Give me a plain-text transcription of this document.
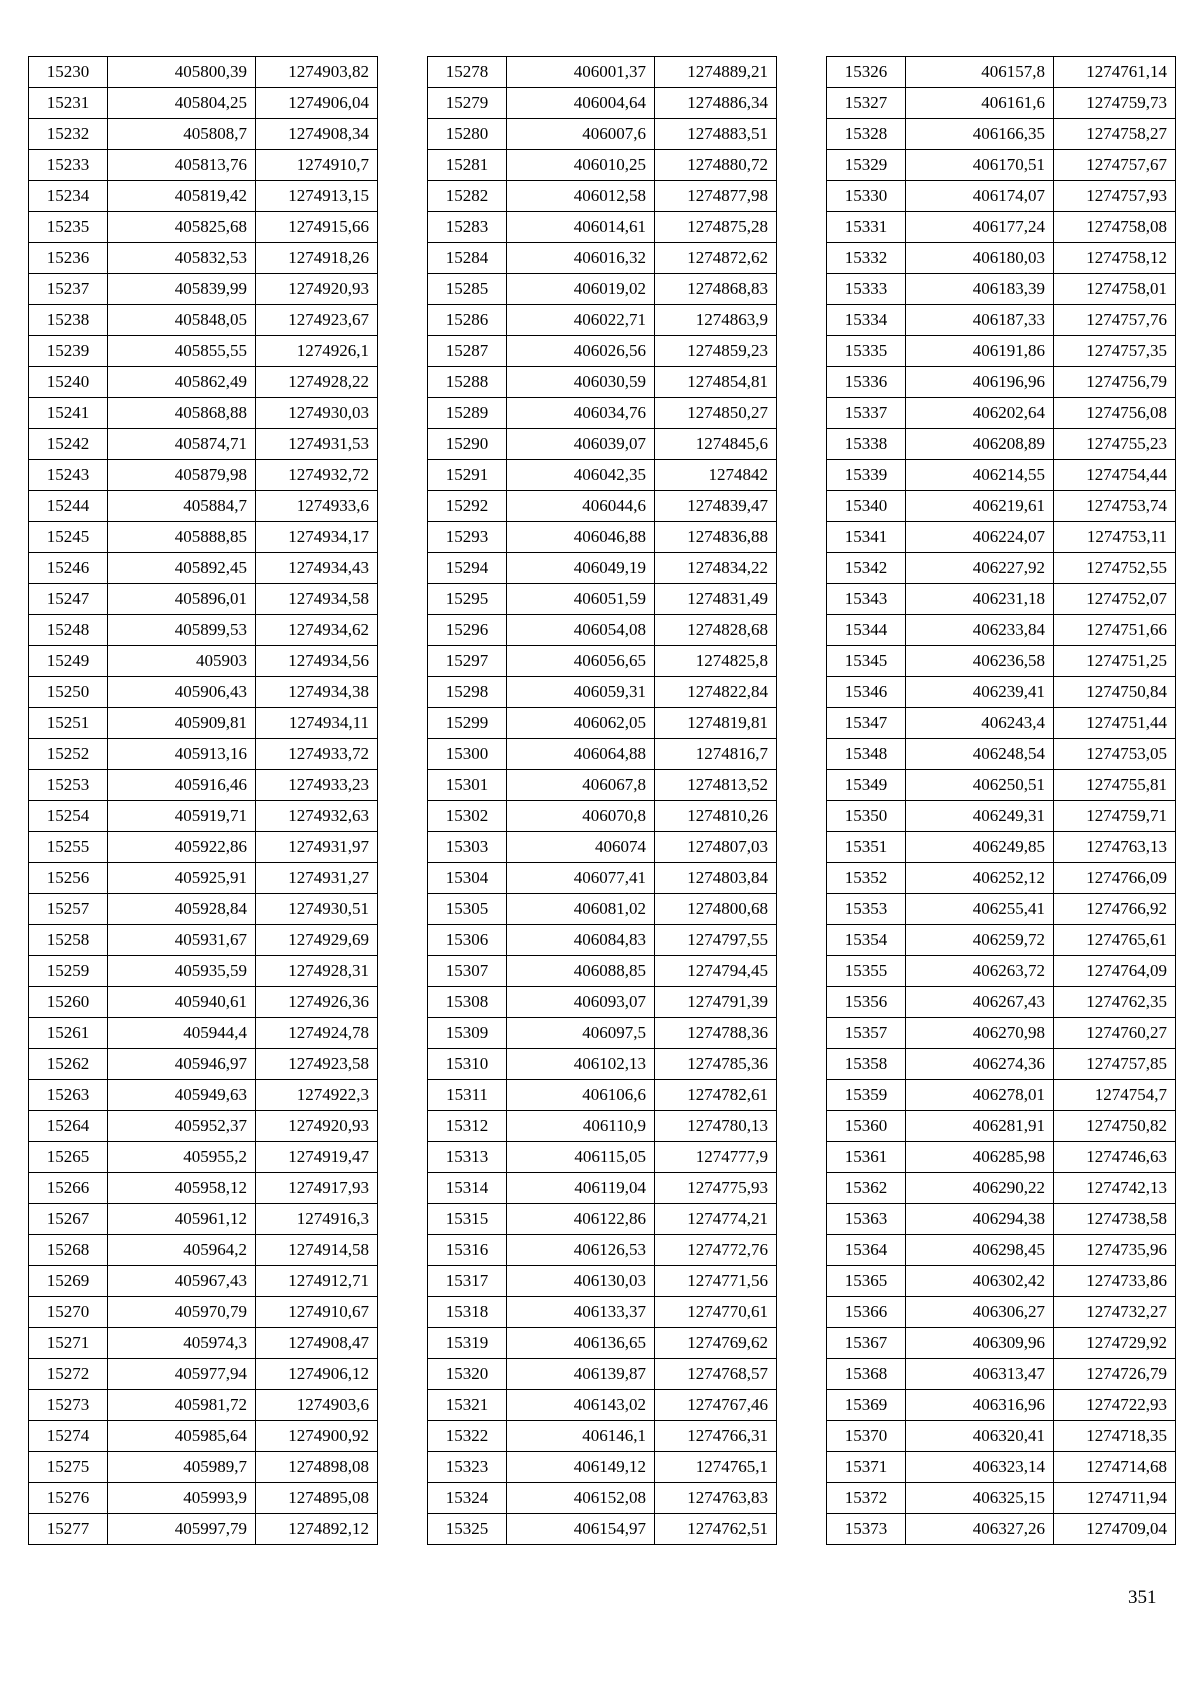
15230	405800,39	1274903,82
15231	405804,25	1274906,04
15232	405808,7	1274908,34
15233	405813,76	1274910,7
15234	405819,42	1274913,15
15235	405825,68	1274915,66
15236	405832,53	1274918,26
15237	405839,99	1274920,93
15238	405848,05	1274923,67
15239	405855,55	1274926,1
15240	405862,49	1274928,22
15241	405868,88	1274930,03
15242	405874,71	1274931,53
15243	405879,98	1274932,72
15244	405884,7	1274933,6
15245	405888,85	1274934,17
15246	405892,45	1274934,43
15247	405896,01	1274934,58
15248	405899,53	1274934,62
15249	405903	1274934,56
15250	405906,43	1274934,38
15251	405909,81	1274934,11
15252	405913,16	1274933,72
15253	405916,46	1274933,23
15254	405919,71	1274932,63
15255	405922,86	1274931,97
15256	405925,91	1274931,27
15257	405928,84	1274930,51
15258	405931,67	1274929,69
15259	405935,59	1274928,31
15260	405940,61	1274926,36
15261	405944,4	1274924,78
15262	405946,97	1274923,58
15263	405949,63	1274922,3
15264	405952,37	1274920,93
15265	405955,2	1274919,47
15266	405958,12	1274917,93
15267	405961,12	1274916,3
15268	405964,2	1274914,58
15269	405967,43	1274912,71
15270	405970,79	1274910,67
15271	405974,3	1274908,47
15272	405977,94	1274906,12
15273	405981,72	1274903,6
15274	405985,64	1274900,92
15275	405989,7	1274898,08
15276	405993,9	1274895,08
15277	405997,79	1274892,12
15278	406001,37	1274889,21
15279	406004,64	1274886,34
15280	406007,6	1274883,51
15281	406010,25	1274880,72
15282	406012,58	1274877,98
15283	406014,61	1274875,28
15284	406016,32	1274872,62
15285	406019,02	1274868,83
15286	406022,71	1274863,9
15287	406026,56	1274859,23
15288	406030,59	1274854,81
15289	406034,76	1274850,27
15290	406039,07	1274845,6
15291	406042,35	1274842
15292	406044,6	1274839,47
15293	406046,88	1274836,88
15294	406049,19	1274834,22
15295	406051,59	1274831,49
15296	406054,08	1274828,68
15297	406056,65	1274825,8
15298	406059,31	1274822,84
15299	406062,05	1274819,81
15300	406064,88	1274816,7
15301	406067,8	1274813,52
15302	406070,8	1274810,26
15303	406074	1274807,03
15304	406077,41	1274803,84
15305	406081,02	1274800,68
15306	406084,83	1274797,55
15307	406088,85	1274794,45
15308	406093,07	1274791,39
15309	406097,5	1274788,36
15310	406102,13	1274785,36
15311	406106,6	1274782,61
15312	406110,9	1274780,13
15313	406115,05	1274777,9
15314	406119,04	1274775,93
15315	406122,86	1274774,21
15316	406126,53	1274772,76
15317	406130,03	1274771,56
15318	406133,37	1274770,61
15319	406136,65	1274769,62
15320	406139,87	1274768,57
15321	406143,02	1274767,46
15322	406146,1	1274766,31
15323	406149,12	1274765,1
15324	406152,08	1274763,83
15325	406154,97	1274762,51
15326	406157,8	1274761,14
15327	406161,6	1274759,73
15328	406166,35	1274758,27
15329	406170,51	1274757,67
15330	406174,07	1274757,93
15331	406177,24	1274758,08
15332	406180,03	1274758,12
15333	406183,39	1274758,01
15334	406187,33	1274757,76
15335	406191,86	1274757,35
15336	406196,96	1274756,79
15337	406202,64	1274756,08
15338	406208,89	1274755,23
15339	406214,55	1274754,44
15340	406219,61	1274753,74
15341	406224,07	1274753,11
15342	406227,92	1274752,55
15343	406231,18	1274752,07
15344	406233,84	1274751,66
15345	406236,58	1274751,25
15346	406239,41	1274750,84
15347	406243,4	1274751,44
15348	406248,54	1274753,05
15349	406250,51	1274755,81
15350	406249,31	1274759,71
15351	406249,85	1274763,13
15352	406252,12	1274766,09
15353	406255,41	1274766,92
15354	406259,72	1274765,61
15355	406263,72	1274764,09
15356	406267,43	1274762,35
15357	406270,98	1274760,27
15358	406274,36	1274757,85
15359	406278,01	1274754,7
15360	406281,91	1274750,82
15361	406285,98	1274746,63
15362	406290,22	1274742,13
15363	406294,38	1274738,58
15364	406298,45	1274735,96
15365	406302,42	1274733,86
15366	406306,27	1274732,27
15367	406309,96	1274729,92
15368	406313,47	1274726,79
15369	406316,96	1274722,93
15370	406320,41	1274718,35
15371	406323,14	1274714,68
15372	406325,15	1274711,94
15373	406327,26	1274709,04
351
